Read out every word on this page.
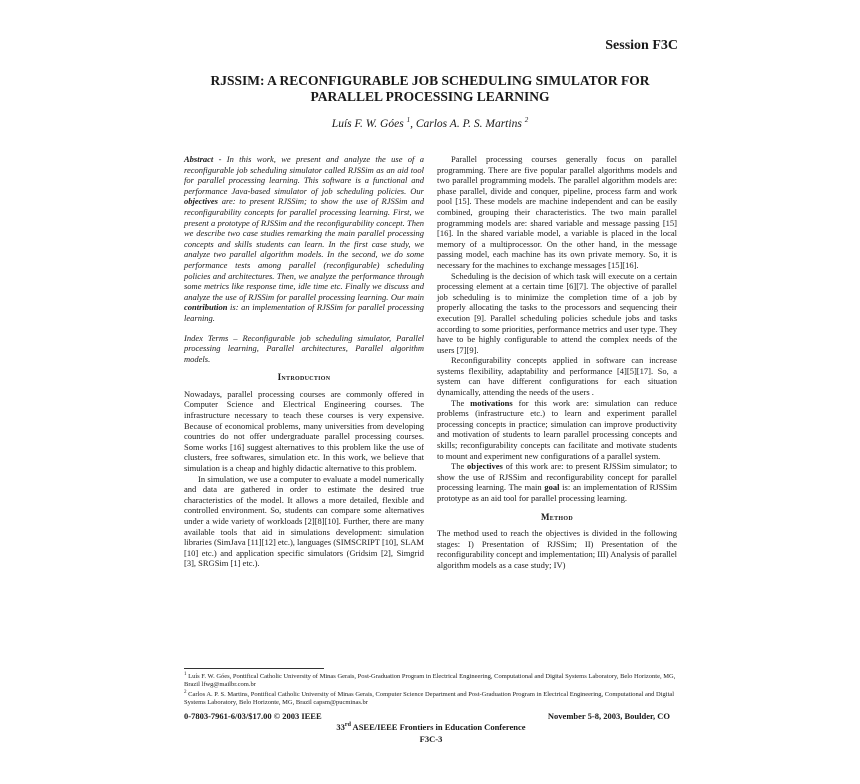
Session F3C
RJSSIM: A RECONFIGURABLE JOB SCHEDULING SIMULATOR FOR
PARALLEL PROCESSING LEARNING
Luís F. W. Góes $^1$, Carlos A. P. S. Martins $^2$

Abstract - In this work, we present and analyze the use of a reconfigurable job scheduling simulator called RJSSim as an aid tool for parallel processing learning. This software is a functional and performance Java-based simulator of job scheduling policies. Our objectives are: to present RJSSim; to show the use of RJSSim and reconfigurability concepts for parallel processing learning. First, we present a prototype of RJSSim and the reconfigurability concept. Then we describe two case studies remarking the main parallel processing concepts and skills students can learn. In the first case study, we analyze two parallel algorithm models. In the second, we do some performance tests among parallel (reconfigurable) scheduling policies and architectures. Then, we analyze the performance through some metrics like response time, idle time etc. Finally we discuss and analyze the use of RJSSim for parallel processing learning. Our main contribution is: an implementation of RJSSim for parallel processing learning.

Index Terms – Reconfigurable job scheduling simulator, Parallel processing learning, Parallel architectures, Parallel algorithm models.

Introduction

Nowadays, parallel processing courses are commonly offered in Computer Science and Electrical Engineering courses. The infrastructure necessary to teach these courses is very expensive. Because of economical problems, many universities from developing countries do not offer undergraduate parallel processing courses. Some works [16] suggest alternatives to this problem like the use of clusters, free softwares, simulation etc. In this work, we believe that simulation is a cheap and highly didactic alternative to this problem.

In simulation, we use a computer to evaluate a model numerically and data are gathered in order to estimate the desired true characteristics of the model. It allows a more detailed, flexible and controlled environment. So, students can compare some alternatives under a wide variety of workloads [2][8][10]. Further, there are many available tools that aid in simulations development: simulation libraries (SimJava [11][12] etc.), languages (SIMSCRIPT [10], SLAM [10] etc.) and application specific simulators (Gridsim [2], Simgrid [3], SRGSim [1] etc.).

Parallel processing courses generally focus on parallel programming. There are five popular parallel algorithms models and two parallel programming models. The parallel algorithm models are: phase parallel, divide and conquer, pipeline, process farm and work pool [15]. These models are machine independent and can be easily combined, grouping their characteristics. The two main parallel programming models are: shared variable and message passing [15][16]. In the shared variable model, a variable is placed in the local memory of a multiprocessor. On the other hand, in the message passing model, each machine has its own private memory. So, it is necessary for the machines to exchange messages [15][16].

Scheduling is the decision of which task will execute on a certain processing element at a certain time [6][7]. The objective of parallel job scheduling is to minimize the completion time of a job by properly allocating the tasks to the processors and sequencing their execution [9]. Parallel scheduling policies schedule jobs and tasks according to some priorities, performance metrics and user type. They have to be highly configurable to attend the complex needs of the users [7][9].

Reconfigurability concepts applied in software can increase systems flexibility, adaptability and performance [4][5][17]. So, a system can have different configurations for each situation dynamically, attending the needs of the users .

The motivations for this work are: simulation can reduce problems (infrastructure etc.) to learn and experiment parallel processing concepts in practice; simulation can improve productivity and motivation of students to learn parallel processing concepts and skills; reconfigurability concepts can facilitate and motivate students to mount and experiment new configurations of a parallel system.

The objectives of this work are: to present RJSSim simulator; to show the use of RJSSim and reconfigurability concept for parallel processing learning. The main goal is: an implementation of RJSSim prototype as an aid tool for parallel processing learning.

Method

The method used to reach the objectives is divided in the following stages: I) Presentation of RJSSim; II) Presentation of the reconfigurability concept and implementation; III) Analysis of parallel algorithm models as a case study; IV)

$^1$ Luís F. W. Góes, Pontifical Catholic University of Minas Gerais, Post-Graduation Program in Electrical Engineering, Computational and Digital Systems Laboratory, Belo Horizonte, MG, Brazil lfwg@mailbr.com.br

$^2$ Carlos A. P. S. Martins, Pontifical Catholic University of Minas Gerais, Computer Science Department and Post-Graduation Program in Electrical Engineering, Computational and Digital Systems Laboratory, Belo Horizonte, MG, Brazil capsm@pucminas.br

0-7803-7961-6/03/$17.00 © 2003 IEEE	November 5-8, 2003, Boulder, CO
33rd ASEE/IEEE Frontiers in Education Conference
F3C-3
